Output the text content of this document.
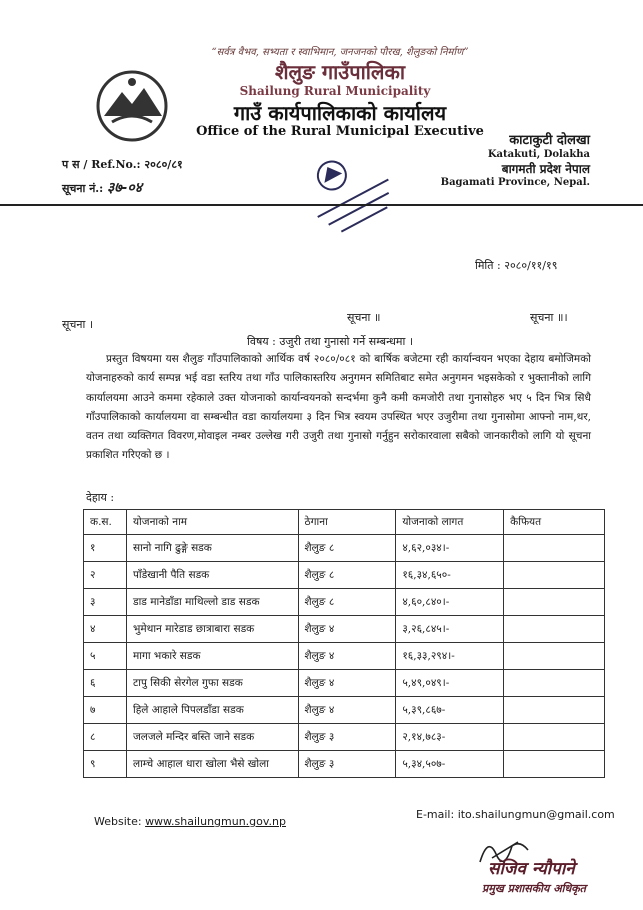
“सर्वत्र वैभव, सभ्यता र स्वाभिमान, जनजनको पौरख, शैलुङको निर्माण”
शैलुङ गाउँपालिका
Shailung Rural Municipality
गाउँ कार्यपालिकाको कार्यालय
Office of the Rural Municipal Executive
प स / Ref.No.: २०८०/८१
सूचना नं.: ३७-०४
काटाकुटी दोलखा
Katakuti, Dolakha
बागमती प्रदेश नेपाल
Bagamati Province, Nepal.
मिति : २०८०/११/१९
सूचना ।
सूचना ॥	सूचना ॥।
विषय : उजुरी तथा गुनासो गर्ने सम्बन्धमा ।
प्रस्तुत विषयमा यस शैलुङ गाँउपालिकाको आर्थिक वर्ष २०८०/०८१ को बार्षिक बजेटमा रही कार्यान्वयन भएका देहाय बमोजिमको योजनाहरुको कार्य सम्पन्न भई वडा स्तरिय तथा गाँउ पालिकास्तरिय अनुगमन समितिबाट समेत अनुगमन भइसकेको र भुक्तानीको लागि कार्यालयमा आउने कममा रहेकाले उक्त योजनाको कार्यान्वयनको सन्दर्भमा कुनै कमी कमजोरी तथा गुनासोहरु भए ५ दिन भित्र सिधै गाँउपालिकाको कार्यालयमा वा सम्बन्धीत वडा कार्यालयमा ३ दिन भित्र स्वयम उपस्थित भएर उजुरीमा तथा गुनासोमा आफ्नो नाम,थर, वतन तथा व्यक्तिगत विवरण,मोवाइल नम्बर उल्लेख गरी उजुरी तथा गुनासो गर्नुहुन सरोकारवाला सबैको जानकारीको लागि यो सूचना प्रकाशित गरिएको छ ।
देहाय :
क.स.	योजनाको नाम	ठेगाना	योजनाको लागत	कैफियत
१	सानो नागि ढुङ्गे सडक	शैलुङ ८	४,६२,०३४।-	
२	पाँडेखानी पैति सडक	शैलुङ ८	१६,३४,६५०-	
३	डाड मानेडाँडा माथिल्लो डाड सडक	शैलुङ ८	४,६०,८४०।-	
४	भुमेथान मारेडाड छात्राबारा सडक	शैलुङ ४	३,२६,८४५।-	
५	मागा भकारे सडक	शैलुङ ४	१६,३३,२९४।-	
६	टापु सिकी सेरगेल गुफा सडक	शैलुङ ४	५,४९,०४९।-	
७	हिले आहाले पिपलडाँडा सडक	शैलुङ ४	५,३९,८६७-	
८	जलजले मन्दिर बस्ति जाने सडक	शैलुङ ३	२,१४,७८३-	
९	लाम्चे आहाल धारा खोला भैसे खोला	शैलुङ ३	५,३४,५०७-	
Website: www.shailungmun.gov.np
E-mail: ito.shailungmun@gmail.com
संजिव न्यौपाने
प्रमुख प्रशासकीय अधिकृत
